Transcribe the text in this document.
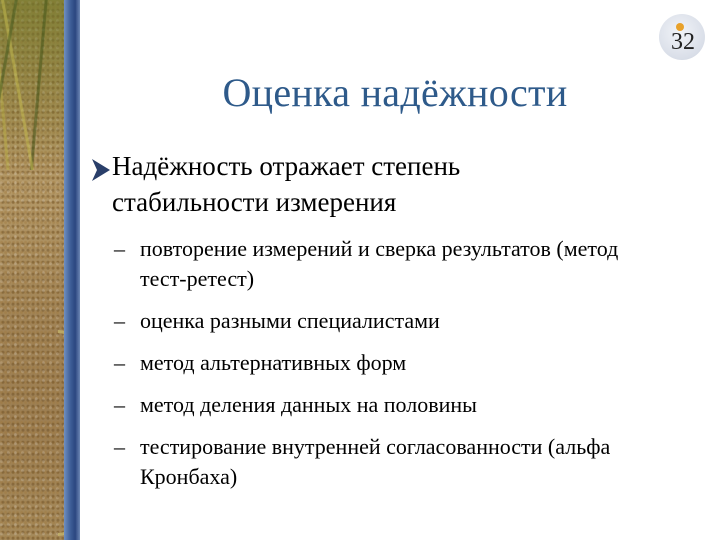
32
Оценка надёжности
Надёжность отражает степень стабильности измерения
– повторение измерений и сверка результатов (метод тест-ретест)
– оценка разными специалистами
– метод альтернативных форм
– метод деления данных на половины
– тестирование внутренней согласованности (альфа Кронбаха)
